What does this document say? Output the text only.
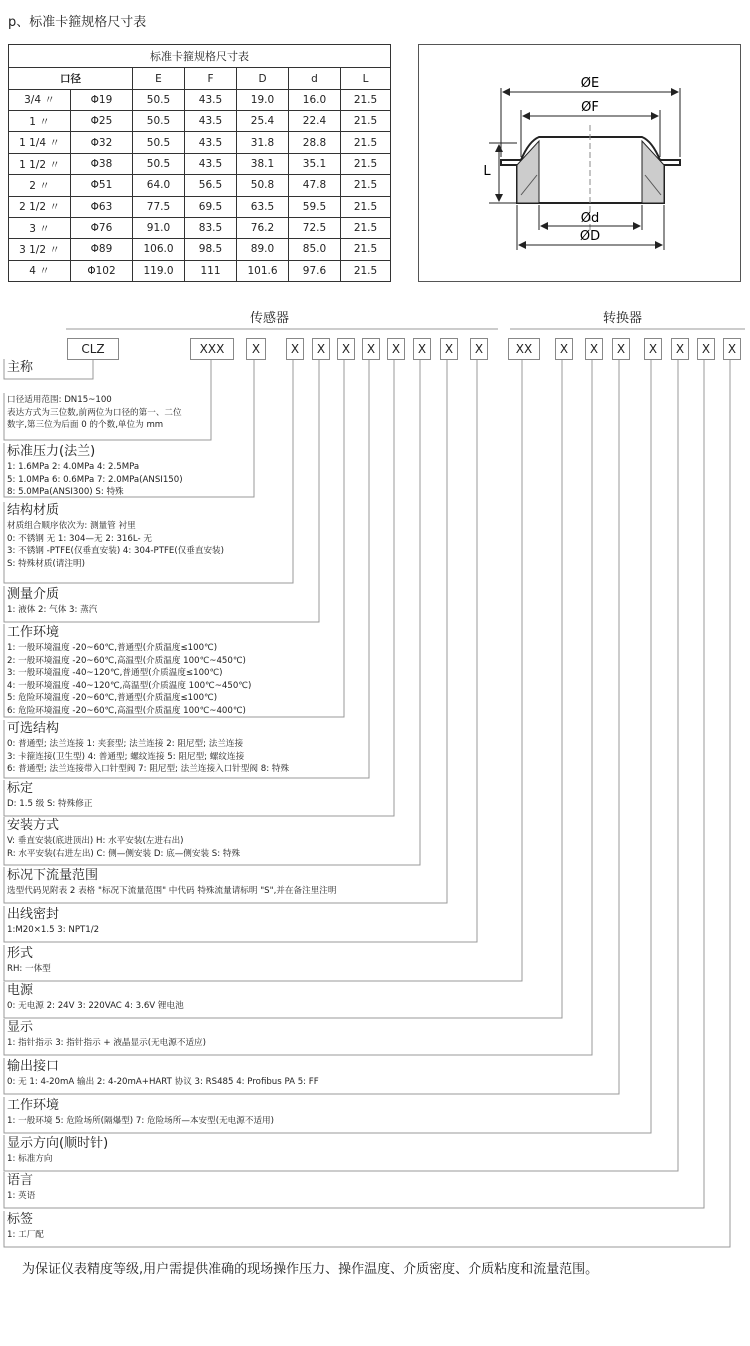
p、标准卡箍规格尺寸表
标准卡箍规格尺寸表						
口径		E	F	D	d	L
3/4 〃	Φ19	50.5	43.5	19.0	16.0	21.5
1 〃	Φ25	50.5	43.5	25.4	22.4	21.5
1 1/4 〃	Φ32	50.5	43.5	31.8	28.8	21.5
1 1/2 〃	Φ38	50.5	43.5	38.1	35.1	21.5
2 〃	Φ51	64.0	56.5	50.8	47.8	21.5
2 1/2 〃	Φ63	77.5	69.5	63.5	59.5	21.5
3 〃	Φ76	91.0	83.5	76.2	72.5	21.5
3 1/2 〃	Φ89	106.0	98.5	89.0	85.0	21.5
4 〃	Φ102	119.0	111	101.6	97.6	21.5
ØE
ØF
L
Ød
ØD
传感器	转换器
CLZ	XXX	X	X	X	X	X	X	X	X	X	XX	X	X	X	X	X	X	X
主称
口径适用范围: DN15~100
表达方式为三位数,前两位为口径的第一、二位
数字,第三位为后面 0 的个数,单位为 mm
标准压力(法兰)
1: 1.6MPa 2: 4.0MPa 4: 2.5MPa
5: 1.0MPa 6: 0.6MPa 7: 2.0MPa(ANSI150)
8: 5.0MPa(ANSI300) S: 特殊
结构材质
材质组合顺序依次为: 测量管 衬里
0: 不锈钢 无 1: 304—无 2: 316L- 无
3: 不锈钢 -PTFE(仅垂直安装) 4: 304-PTFE(仅垂直安装)
S: 特殊材质(请注明)
测量介质
1: 液体 2: 气体 3: 蒸汽
工作环境
1: 一般环境温度 -20~60℃,普通型(介质温度≤100℃)
2: 一般环境温度 -20~60℃,高温型(介质温度 100℃~450℃)
3: 一般环境温度 -40~120℃,普通型(介质温度≤100℃)
4: 一般环境温度 -40~120℃,高温型(介质温度 100℃~450℃)
5: 危险环境温度 -20~60℃,普通型(介质温度≤100℃)
6: 危险环境温度 -20~60℃,高温型(介质温度 100℃~400℃)
可选结构
0: 普通型; 法兰连接 1: 夹套型; 法兰连接 2: 阻尼型; 法兰连接
3: 卡箍连接(卫生型) 4: 普通型; 螺纹连接 5: 阻尼型; 螺纹连接
6: 普通型; 法兰连接带入口针型阀 7: 阻尼型; 法兰连接入口针型阀 8: 特殊
标定
D: 1.5 级 S: 特殊修正
安装方式
V: 垂直安装(底进顶出) H: 水平安装(左进右出)
R: 水平安装(右进左出) C: 侧—侧安装 D: 底—侧安装 S: 特殊
标况下流量范围
选型代码见附表 2 表格 "标况下流量范围" 中代码 特殊流量请标明 "S",并在备注里注明
出线密封
1:M20×1.5 3: NPT1/2
形式
RH: 一体型
电源
0: 无电源 2: 24V 3: 220VAC 4: 3.6V 锂电池
显示
1: 指针指示 3: 指针指示 + 液晶显示(无电源不适应)
输出接口
0: 无 1: 4-20mA 输出 2: 4-20mA+HART 协议 3: RS485 4: Profibus PA 5: FF
工作环境
1: 一般环境 5: 危险场所(隔爆型) 7: 危险场所—本安型(无电源不适用)
显示方向(顺时针)
1: 标准方向
语言
1: 英语
标签
1: 工厂配
为保证仪表精度等级,用户需提供准确的现场操作压力、操作温度、介质密度、介质粘度和流量范围。
